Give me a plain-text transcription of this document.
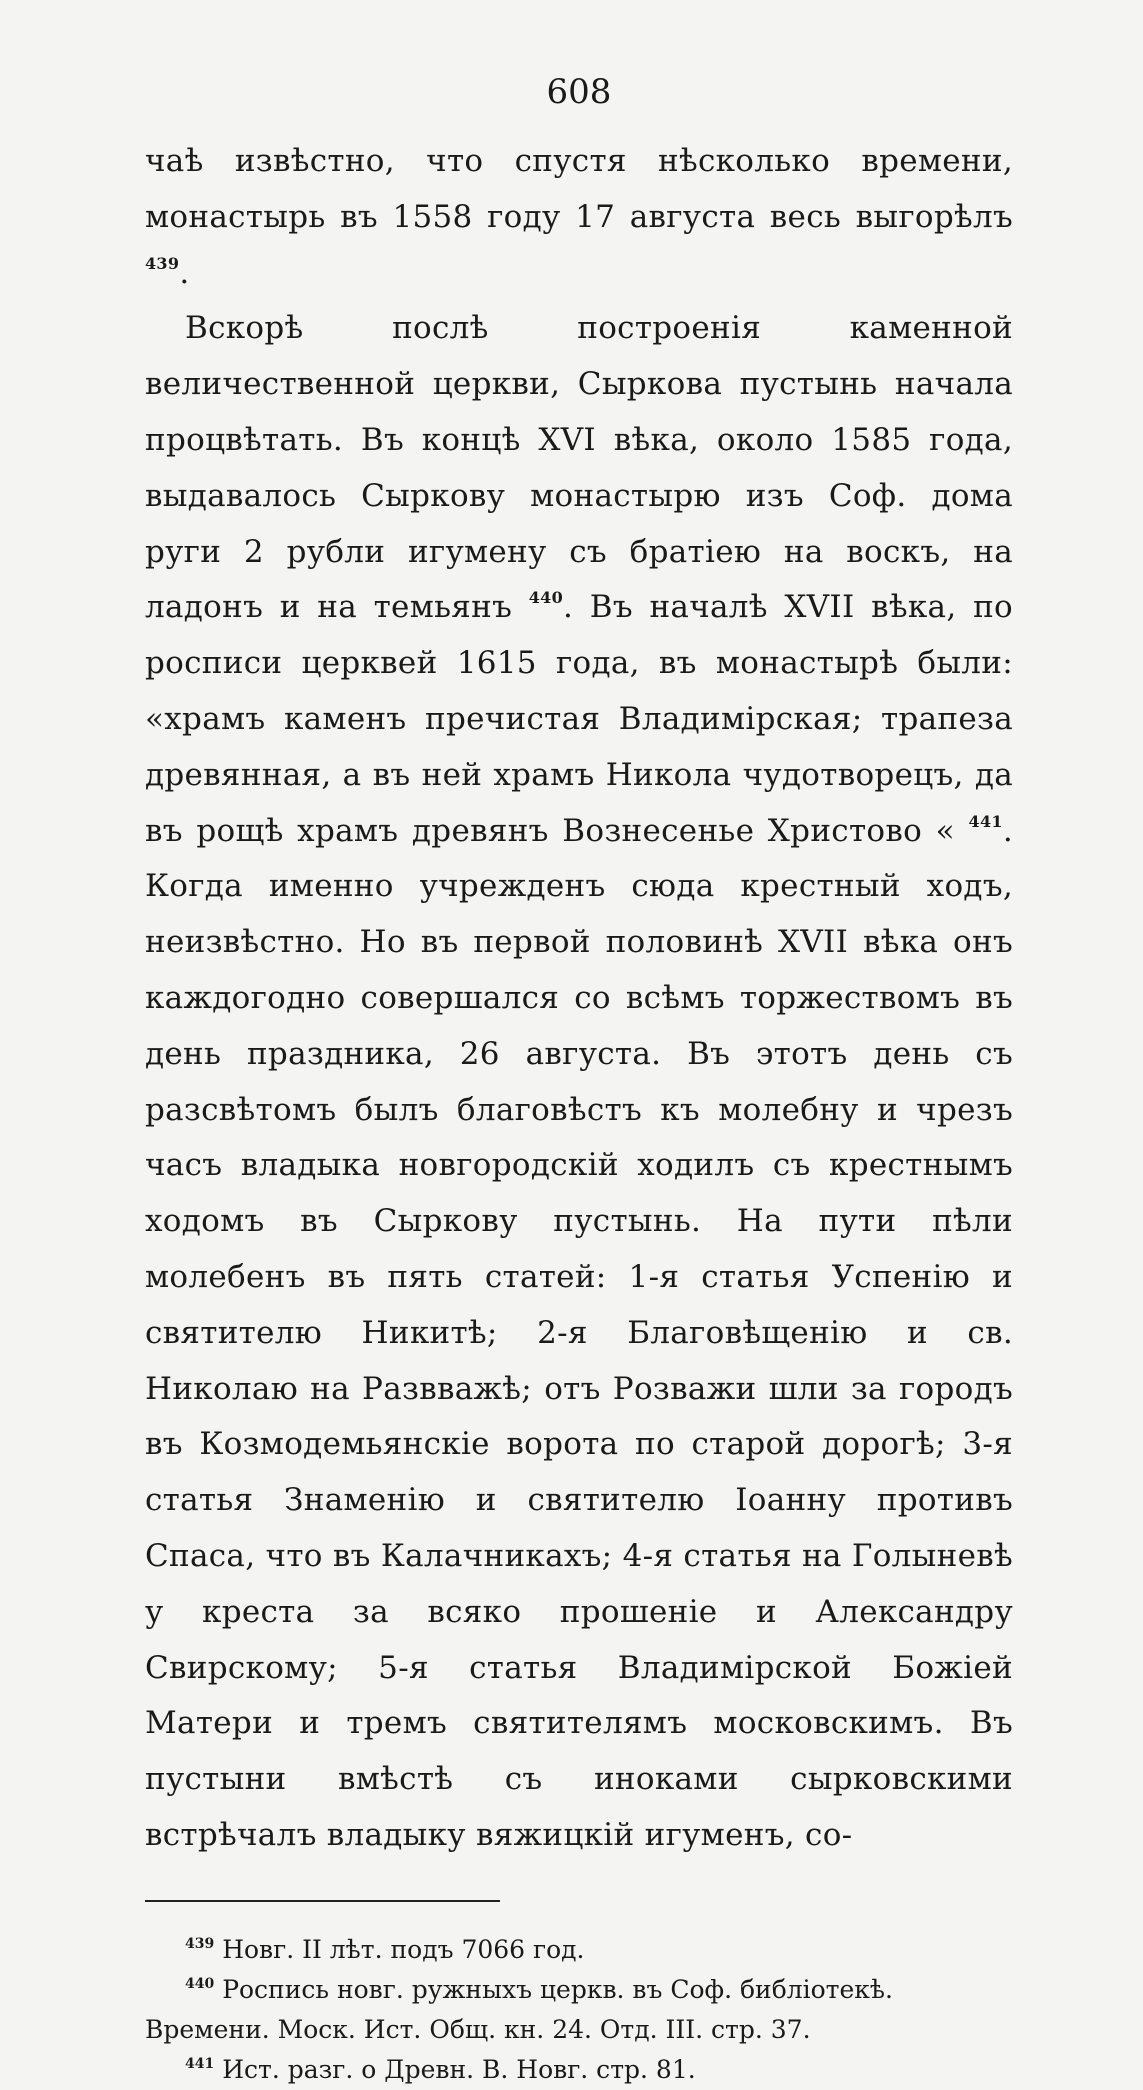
608

чаѣ извѣстно, что спустя нѣсколько времени, монастырь въ 1558 году 17 августа весь выгорѣлъ $^{439}$.

Вскорѣ послѣ построенія каменной величественной церкви, Сыркова пустынь начала процвѣтать. Въ концѣ XVI вѣка, около 1585 года, выдавалось Сыркову монастырю изъ Соф. дома руги 2 рубли игумену съ братіею на воскъ, на ладонъ и на темьянъ $^{440}$. Въ началѣ XVII вѣка, по росписи церквей 1615 года, въ монастырѣ были: «храмъ каменъ пречистая Владимірская; трапеза древянная, а въ ней храмъ Никола чудотворецъ, да въ рощѣ храмъ древянъ Вознесенье Христово « $^{441}$. Когда именно учрежденъ сюда крестный ходъ, неизвѣстно. Но въ первой половинѣ XVII вѣка онъ каждогодно совершался со всѣмъ торжествомъ въ день праздника, 26 августа. Въ этотъ день съ разсвѣтомъ былъ благовѣстъ къ молебну и чрезъ часъ владыка новгородскій ходилъ съ крестнымъ ходомъ въ Сыркову пустынь. На пути пѣли молебенъ въ пять статей: 1-я статья Успенію и святителю Никитѣ; 2-я Благовѣщенію и св. Николаю на Развважѣ; отъ Розважи шли за городъ въ Козмодемьянскіе ворота по старой дорогѣ; 3-я статья Знаменію и святителю Іоанну противъ Спаса, что въ Калачникахъ; 4-я статья на Голыневѣ у креста за всяко прошеніе и Александру Свирскому; 5-я статья Владимірской Божіей Матери и тремъ святителямъ московскимъ. Въ пустыни вмѣстѣ съ иноками сырковскими встрѣчалъ владыку вяжицкій игуменъ, со-

$^{439}$ Новг. II лѣт. подъ 7066 год.

$^{440}$ Роспись новг. ружныхъ церкв. въ Соф. библіотекѣ. Времени. Моск. Ист. Общ. кн. 24. Отд. III. стр. 37.

$^{441}$ Ист. разг. о Древн. В. Новг. стр. 81.
